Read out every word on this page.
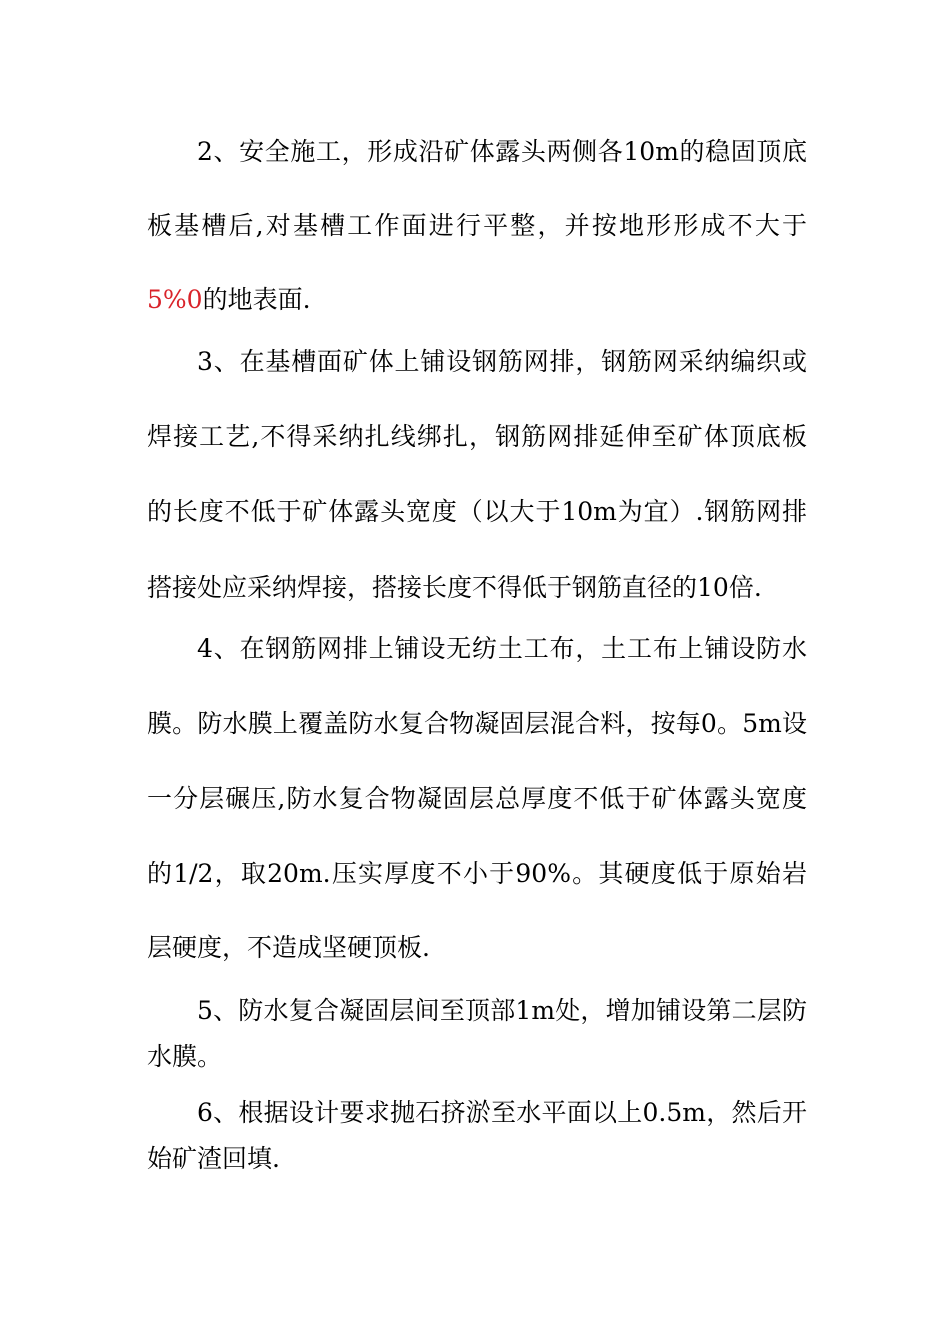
2、安全施工，形成沿矿体露头两侧各10m的稳固顶底
板基槽后,对基槽工作面进行平整，并按地形形成不大于
5%0的地表面.
3、在基槽面矿体上铺设钢筋网排，钢筋网采纳编织或
焊接工艺,不得采纳扎线绑扎，钢筋网排延伸至矿体顶底板
的长度不低于矿体露头宽度（以大于10m为宜）.钢筋网排
搭接处应采纳焊接，搭接长度不得低于钢筋直径的10倍.
4、在钢筋网排上铺设无纺土工布，土工布上铺设防水
膜。防水膜上覆盖防水复合物凝固层混合料，按每0。5m设
一分层碾压,防水复合物凝固层总厚度不低于矿体露头宽度
的1/2，取20m.压实厚度不小于90%。其硬度低于原始岩
层硬度，不造成坚硬顶板.
5、防水复合凝固层间至顶部1m处，增加铺设第二层防
水膜。
6、根据设计要求抛石挤淤至水平面以上0.5m，然后开
始矿渣回填.
